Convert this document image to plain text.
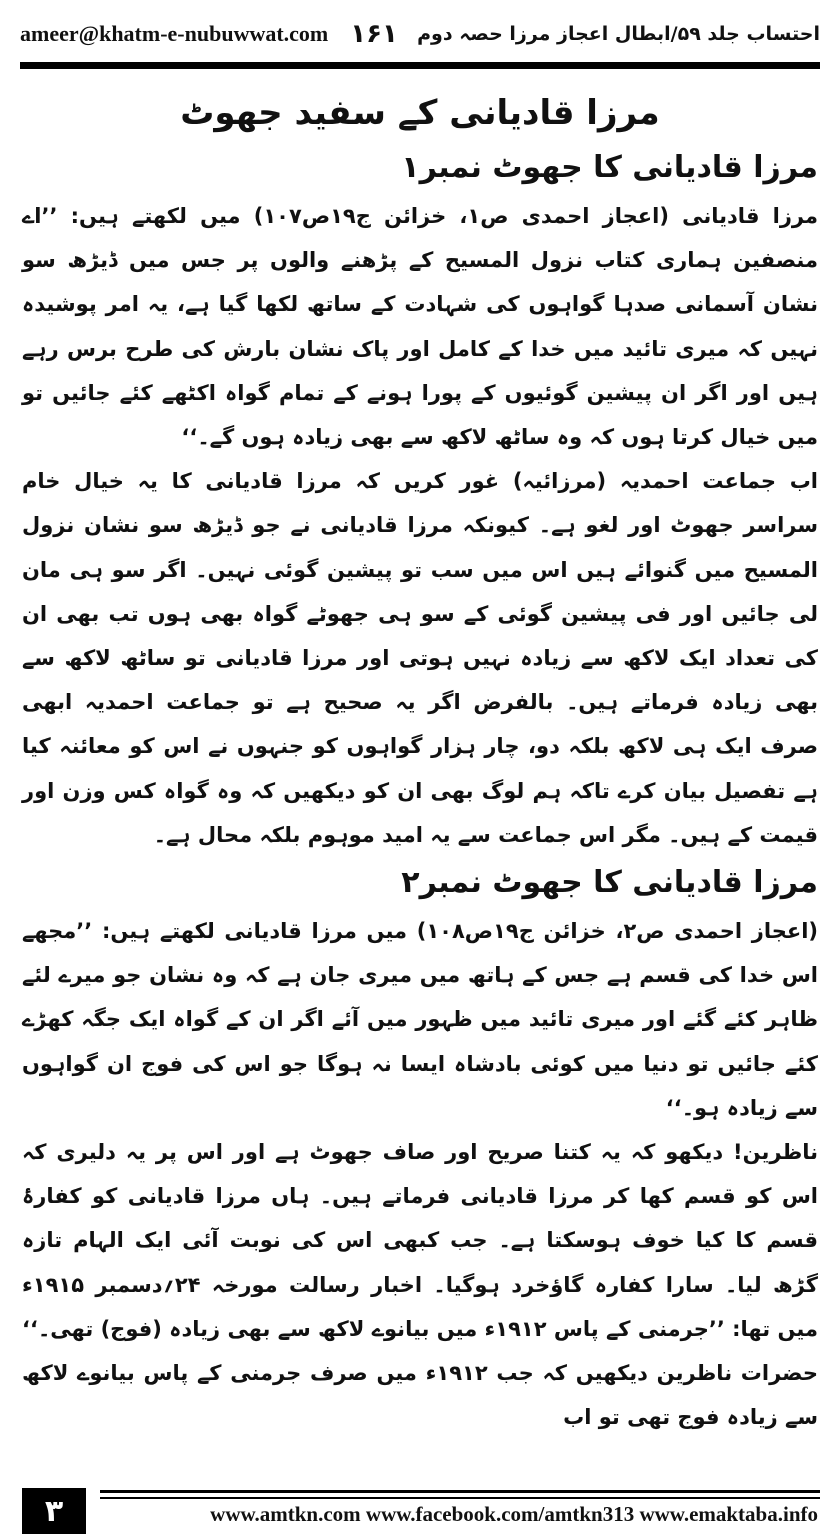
ameer@khatm-e-nubuwwat.com ۱۶۱ احتساب جلد ۵۹/ابطال اعجاز مرزا حصہ دوم
مرزا قادیانی کے سفید جھوٹ
مرزا قادیانی کا جھوٹ نمبر۱

مرزا قادیانی (اعجاز احمدی ص۱، خزائن ج۱۹ص۱۰۷) میں لکھتے ہیں: ’’اے منصفین ہماری کتاب نزول المسیح کے پڑھنے والوں پر جس میں ڈیڑھ سو نشان آسمانی صدہا گواہوں کی شہادت کے ساتھ لکھا گیا ہے، یہ امر پوشیدہ نہیں کہ میری تائید میں خدا کے کامل اور پاک نشان بارش کی طرح برس رہے ہیں اور اگر ان پیشین گوئیوں کے پورا ہونے کے تمام گواہ اکٹھے کئے جائیں تو میں خیال کرتا ہوں کہ وہ ساٹھ لاکھ سے بھی زیادہ ہوں گے۔‘‘

اب جماعت احمدیہ (مرزائیہ) غور کریں کہ مرزا قادیانی کا یہ خیال خام سراسر جھوٹ اور لغو ہے۔ کیونکہ مرزا قادیانی نے جو ڈیڑھ سو نشان نزول المسیح میں گنوائے ہیں اس میں سب تو پیشین گوئی نہیں۔ اگر سو ہی مان لی جائیں اور فی پیشین گوئی کے سو ہی جھوٹے گواہ بھی ہوں تب بھی ان کی تعداد ایک لاکھ سے زیادہ نہیں ہوتی اور مرزا قادیانی تو ساٹھ لاکھ سے بھی زیادہ فرماتے ہیں۔ بالفرض اگر یہ صحیح ہے تو جماعت احمدیہ ابھی صرف ایک ہی لاکھ بلکہ دو، چار ہزار گواہوں کو جنہوں نے اس کو معائنہ کیا ہے تفصیل بیان کرے تاکہ ہم لوگ بھی ان کو دیکھیں کہ وہ گواہ کس وزن اور قیمت کے ہیں۔ مگر اس جماعت سے یہ امید موہوم بلکہ محال ہے۔

مرزا قادیانی کا جھوٹ نمبر۲

(اعجاز احمدی ص۲، خزائن ج۱۹ص۱۰۸) میں مرزا قادیانی لکھتے ہیں: ’’مجھے اس خدا کی قسم ہے جس کے ہاتھ میں میری جان ہے کہ وہ نشان جو میرے لئے ظاہر کئے گئے اور میری تائید میں ظہور میں آئے اگر ان کے گواہ ایک جگہ کھڑے کئے جائیں تو دنیا میں کوئی بادشاہ ایسا نہ ہوگا جو اس کی فوج ان گواہوں سے زیادہ ہو۔‘‘

ناظرین! دیکھو کہ یہ کتنا صریح اور صاف جھوٹ ہے اور اس پر یہ دلیری کہ اس کو قسم کھا کر مرزا قادیانی فرماتے ہیں۔ ہاں مرزا قادیانی کو کفارۂ قسم کا کیا خوف ہوسکتا ہے۔ جب کبھی اس کی نوبت آئی ایک الہام تازہ گڑھ لیا۔ سارا کفارہ گاؤخرد ہوگیا۔ اخبار رسالت مورخہ ۲۴؍دسمبر ۱۹۱۵ء میں تھا: ’’جرمنی کے پاس ۱۹۱۲ء میں بیانوے لاکھ سے بھی زیادہ (فوج) تھی۔‘‘ حضرات ناظرین دیکھیں کہ جب ۱۹۱۲ء میں صرف جرمنی کے پاس بیانوے لاکھ سے زیادہ فوج تھی تو اب

۳	www.amtkn.com www.facebook.com/amtkn313 www.emaktaba.info
